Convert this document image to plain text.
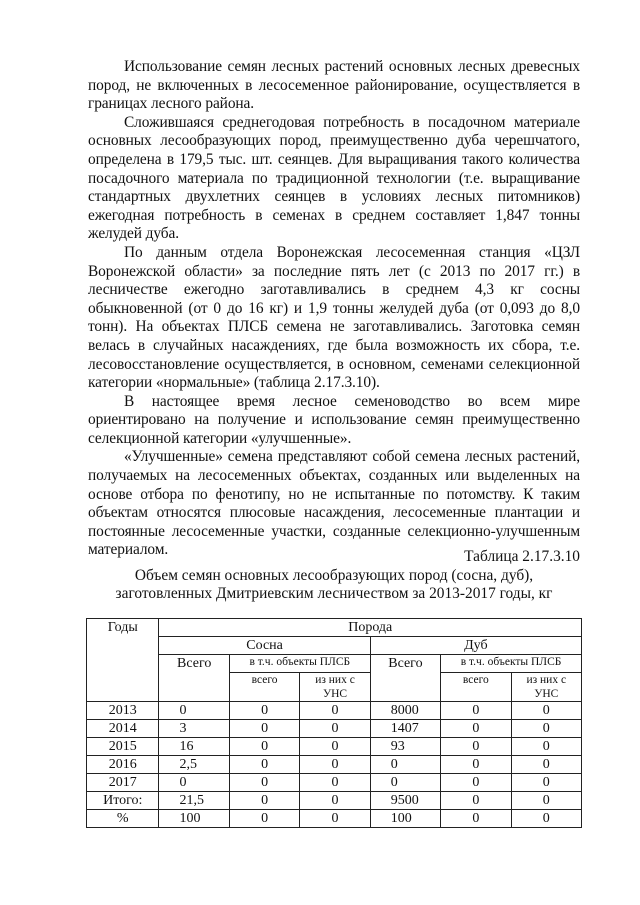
Использование семян лесных растений основных лесных древесных пород, не включенных в лесосеменное районирование, осуществляется в границах лесного района.

Сложившаяся среднегодовая потребность в посадочном материале основных лесообразующих пород, преимущественно дуба черешчатого, определена в 179,5 тыс. шт. сеянцев. Для выращивания такого количества посадочного материала по традиционной технологии (т.е. выращивание стандартных двухлетних сеянцев в условиях лесных питомников) ежегодная потребность в семенах в среднем составляет 1,847 тонны желудей дуба.

По данным отдела Воронежская лесосеменная станция «ЦЗЛ Воронежской области» за последние пять лет (с 2013 по 2017 гг.) в лесничестве ежегодно заготавливались в среднем 4,3 кг сосны обыкновенной (от 0 до 16 кг) и 1,9 тонны желудей дуба (от 0,093 до 8,0 тонн). На объектах ПЛСБ семена не заготавливались. Заготовка семян велась в случайных насаждениях, где была возможность их сбора, т.е. лесовосстановление осуществляется, в основном, семенами селекционной категории «нормальные» (таблица 2.17.3.10).

В настоящее время лесное семеноводство во всем мире ориентировано на получение и использование семян преимущественно селекционной категории «улучшенные».

«Улучшенные» семена представляют собой семена лесных растений, получаемых на лесосеменных объектах, созданных или выделенных на основе отбора по фенотипу, но не испытанные по потомству. К таким объектам относятся плюсовые насаждения, лесосеменные плантации и постоянные лесосеменные участки, созданные селекционно-улучшенным материалом.	Таблица 2.17.3.10

Объем семян основных лесообразующих пород (сосна, дуб),

заготовленных Дмитриевским лесничеством за 2013-2017 годы, кг

Годы	Порода					
	Сосна			Дуб		
	Всего	в т.ч. объекты ПЛСБ		Всего	в т.ч. объекты ПЛСБ	
		всего	из них с УНС		всего	из них с УНС
2013	0	0	0	8000	0	0
2014	3	0	0	1407	0	0
2015	16	0	0	93	0	0
2016	2,5	0	0	0	0	0
2017	0	0	0	0	0	0
Итого:	21,5	0	0	9500	0	0
%	100	0	0	100	0	0
